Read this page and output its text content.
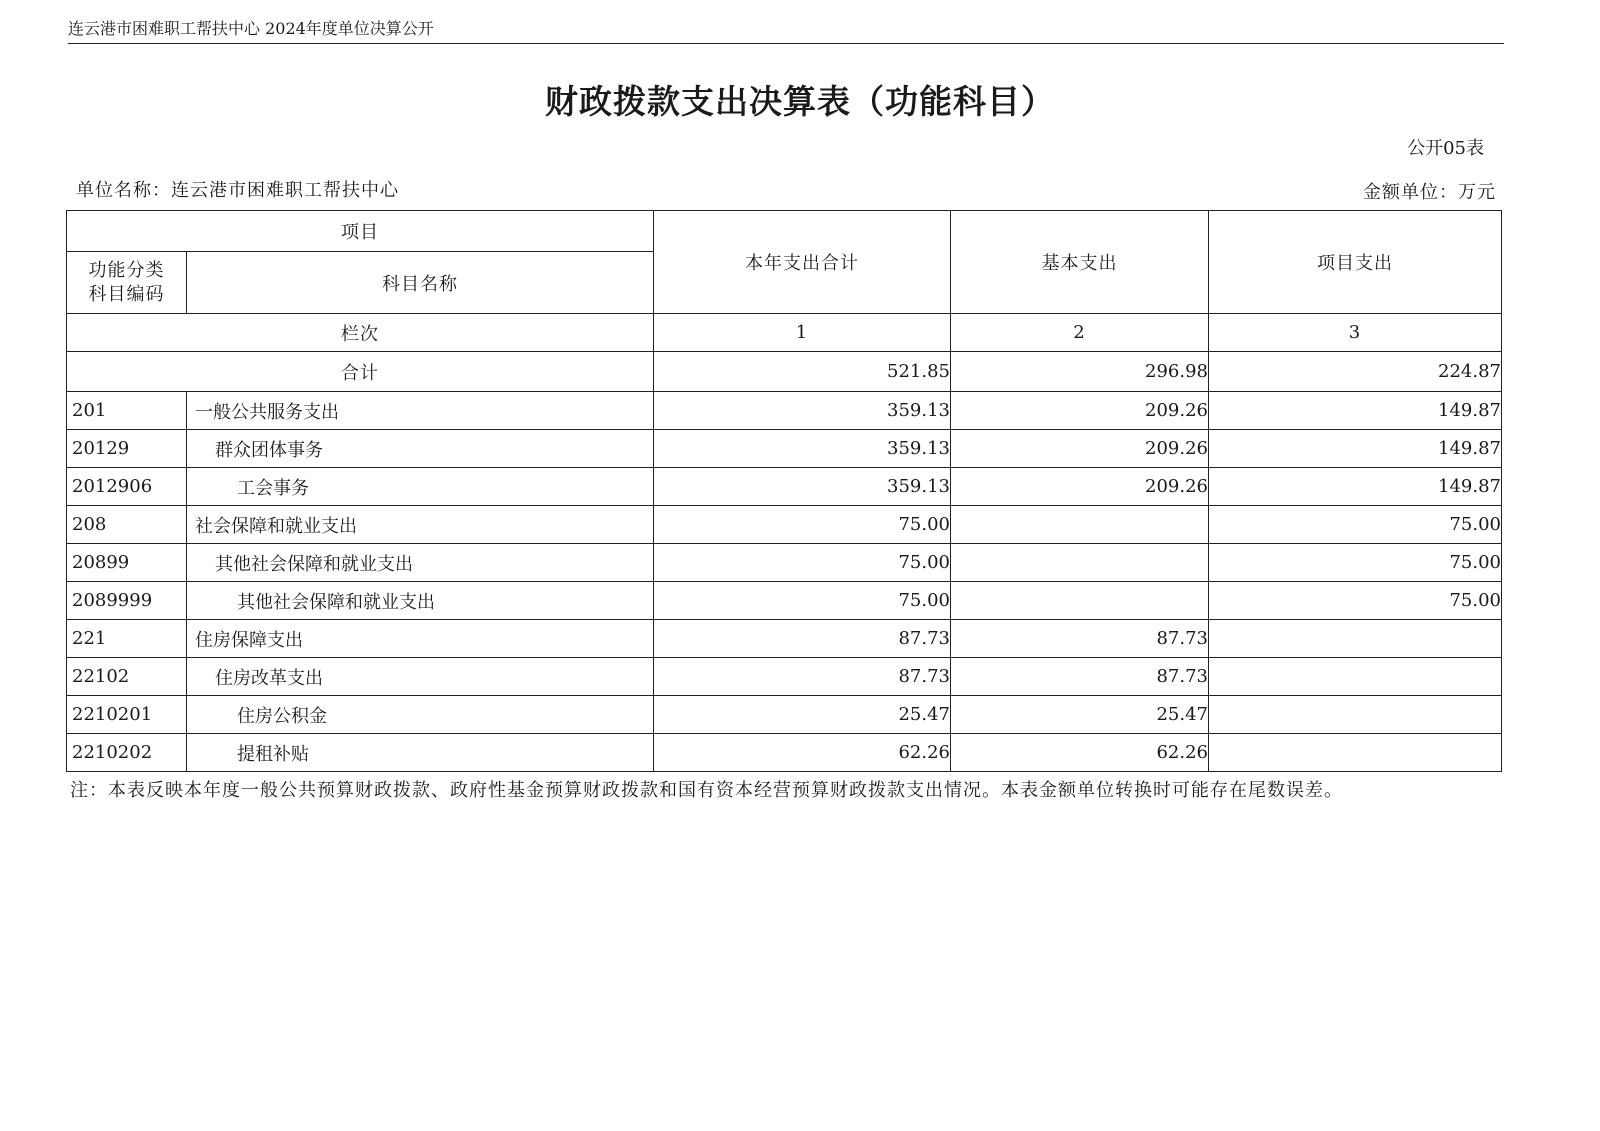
连云港市困难职工帮扶中心 2024年度单位决算公开
财政拨款支出决算表（功能科目）
公开05表
单位名称：连云港市困难职工帮扶中心	金额单位：万元
项目		本年支出合计	基本支出	项目支出

功能分类
科目编码	科目名称			
栏次		1	2	3
合计		521.85	296.98	224.87
201	一般公共服务支出	359.13	209.26	149.87
20129	群众团体事务	359.13	209.26	149.87
2012906	工会事务	359.13	209.26	149.87
208	社会保障和就业支出	75.00		75.00
20899	其他社会保障和就业支出	75.00		75.00
2089999	其他社会保障和就业支出	75.00		75.00
221	住房保障支出	87.73	87.73	
22102	住房改革支出	87.73	87.73	
2210201	住房公积金	25.47	25.47	
2210202	提租补贴	62.26	62.26	
注：本表反映本年度一般公共预算财政拨款、政府性基金预算财政拨款和国有资本经营预算财政拨款支出情况。本表金额单位转换时可能存在尾数误差。
